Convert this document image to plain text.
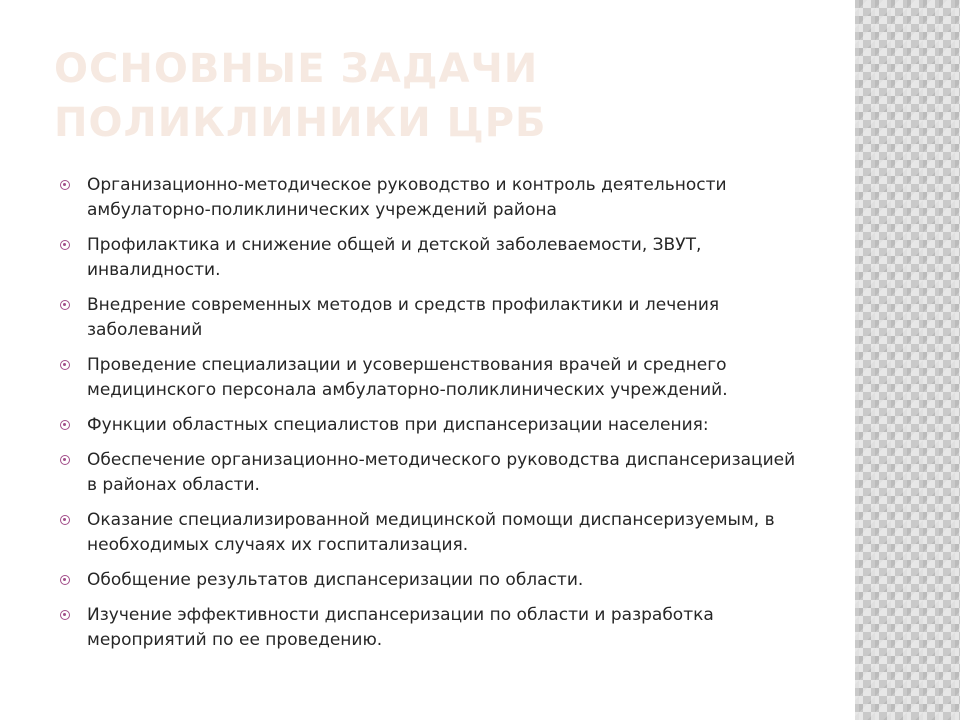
ОСНОВНЫЕ ЗАДАЧИ
ПОЛИКЛИНИКИ ЦРБ
Организационно-методическое руководство и контроль деятельности амбулаторно-поликлинических учреждений района
Профилактика и снижение общей и детской заболеваемости, ЗВУТ, инвалидности.
Внедрение современных методов и средств профилактики и лечения заболеваний
Проведение специализации и усовершенствования врачей и среднего медицинского персонала амбулаторно-поликлинических учреждений.
Функции областных специалистов при диспансеризации населения:
Обеспечение организационно-методического руководства диспансеризацией в районах области.
Оказание специализированной медицинской помощи диспансеризуемым, в необходимых случаях их госпитализация.
Обобщение результатов диспансеризации по области.
Изучение эффективности диспансеризации по области и разработка мероприятий по ее проведению.
